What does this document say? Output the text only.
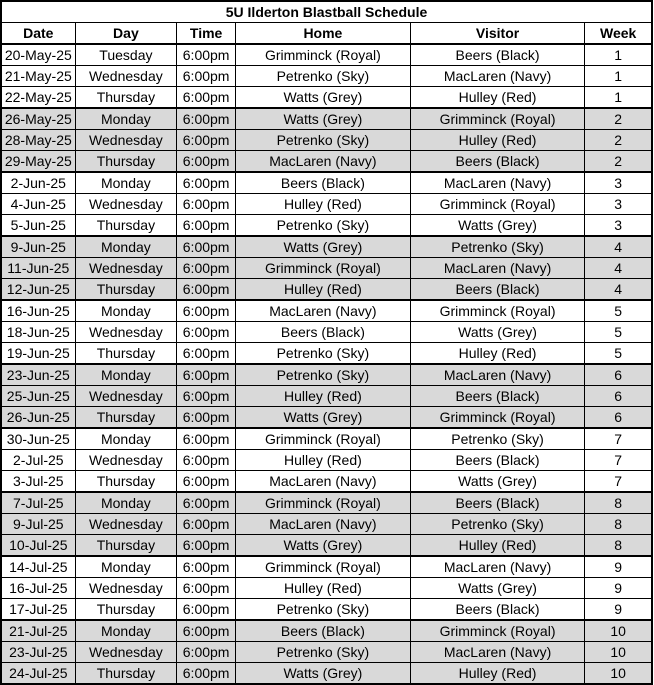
5U Ilderton Blastball Schedule					
Date	Day	Time	Home	Visitor	Week
20-May-25	Tuesday	6:00pm	Grimminck (Royal)	Beers (Black)	1
21-May-25	Wednesday	6:00pm	Petrenko (Sky)	MacLaren (Navy)	1
22-May-25	Thursday	6:00pm	Watts (Grey)	Hulley (Red)	1
26-May-25	Monday	6:00pm	Watts (Grey)	Grimminck (Royal)	2
28-May-25	Wednesday	6:00pm	Petrenko (Sky)	Hulley (Red)	2
29-May-25	Thursday	6:00pm	MacLaren (Navy)	Beers (Black)	2
2-Jun-25	Monday	6:00pm	Beers (Black)	MacLaren (Navy)	3
4-Jun-25	Wednesday	6:00pm	Hulley (Red)	Grimminck (Royal)	3
5-Jun-25	Thursday	6:00pm	Petrenko (Sky)	Watts (Grey)	3
9-Jun-25	Monday	6:00pm	Watts (Grey)	Petrenko (Sky)	4
11-Jun-25	Wednesday	6:00pm	Grimminck (Royal)	MacLaren (Navy)	4
12-Jun-25	Thursday	6:00pm	Hulley (Red)	Beers (Black)	4
16-Jun-25	Monday	6:00pm	MacLaren (Navy)	Grimminck (Royal)	5
18-Jun-25	Wednesday	6:00pm	Beers (Black)	Watts (Grey)	5
19-Jun-25	Thursday	6:00pm	Petrenko (Sky)	Hulley (Red)	5
23-Jun-25	Monday	6:00pm	Petrenko (Sky)	MacLaren (Navy)	6
25-Jun-25	Wednesday	6:00pm	Hulley (Red)	Beers (Black)	6
26-Jun-25	Thursday	6:00pm	Watts (Grey)	Grimminck (Royal)	6
30-Jun-25	Monday	6:00pm	Grimminck (Royal)	Petrenko (Sky)	7
2-Jul-25	Wednesday	6:00pm	Hulley (Red)	Beers (Black)	7
3-Jul-25	Thursday	6:00pm	MacLaren (Navy)	Watts (Grey)	7
7-Jul-25	Monday	6:00pm	Grimminck (Royal)	Beers (Black)	8
9-Jul-25	Wednesday	6:00pm	MacLaren (Navy)	Petrenko (Sky)	8
10-Jul-25	Thursday	6:00pm	Watts (Grey)	Hulley (Red)	8
14-Jul-25	Monday	6:00pm	Grimminck (Royal)	MacLaren (Navy)	9
16-Jul-25	Wednesday	6:00pm	Hulley (Red)	Watts (Grey)	9
17-Jul-25	Thursday	6:00pm	Petrenko (Sky)	Beers (Black)	9
21-Jul-25	Monday	6:00pm	Beers (Black)	Grimminck (Royal)	10
23-Jul-25	Wednesday	6:00pm	Petrenko (Sky)	MacLaren (Navy)	10
24-Jul-25	Thursday	6:00pm	Watts (Grey)	Hulley (Red)	10
